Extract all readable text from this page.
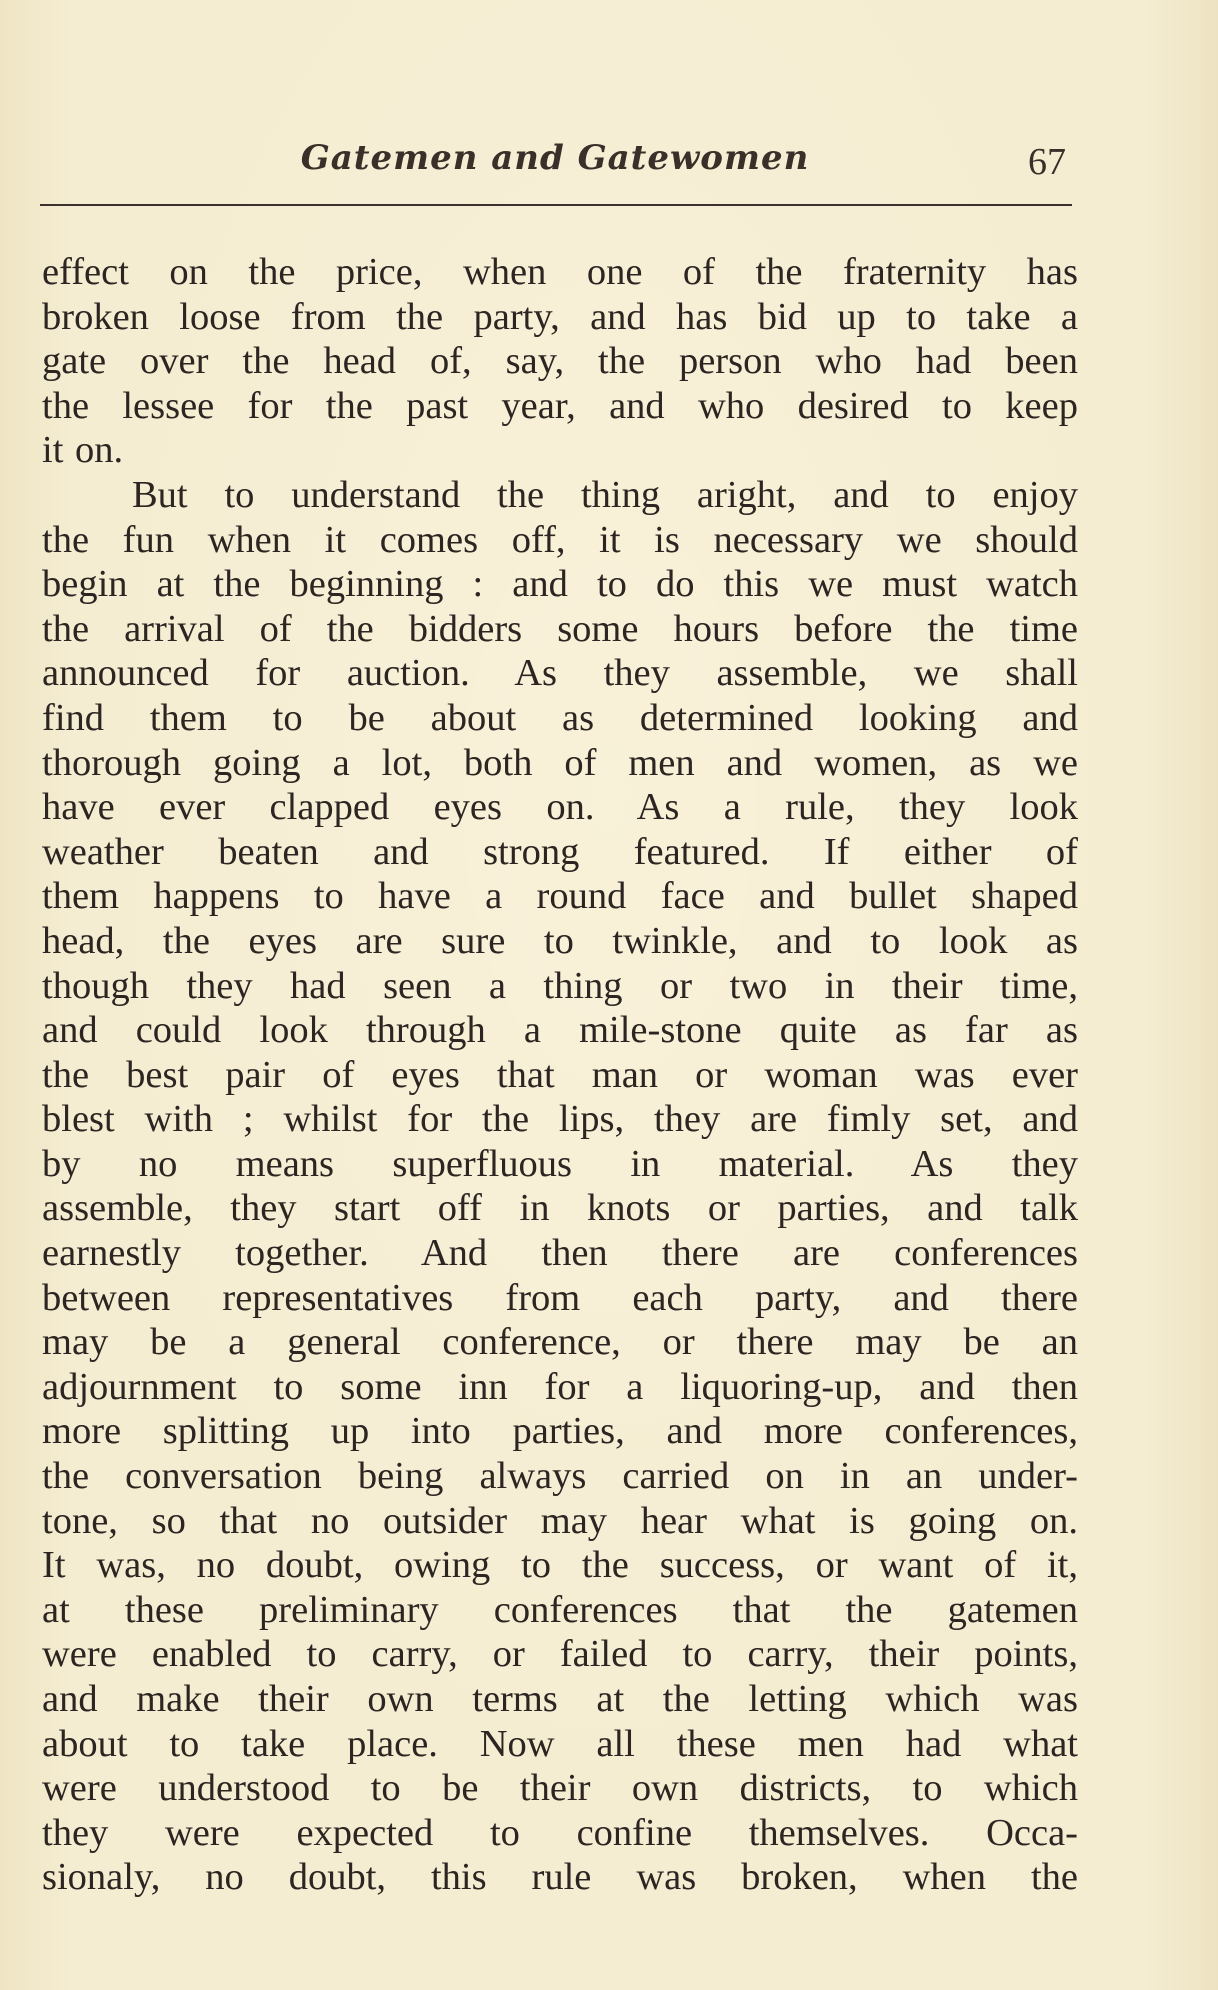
Gatemen and Gatewomen	67
effect on the price, when one of the fraternity has
broken loose from the party, and has bid up to take a
gate over the head of, say, the person who had been
the lessee for the past year, and who desired to keep
it on.
But to understand the thing aright, and to enjoy
the fun when it comes off, it is necessary we should
begin at the beginning : and to do this we must watch
the arrival of the bidders some hours before the time
announced for auction. As they assemble, we shall
find them to be about as determined looking and
thorough going a lot, both of men and women, as we
have ever clapped eyes on. As a rule, they look
weather beaten and strong featured. If either of
them happens to have a round face and bullet shaped
head, the eyes are sure to twinkle, and to look as
though they had seen a thing or two in their time,
and could look through a mile-stone quite as far as
the best pair of eyes that man or woman was ever
blest with ; whilst for the lips, they are fimly set, and
by no means superfluous in material. As they
assemble, they start off in knots or parties, and talk
earnestly together. And then there are conferences
between representatives from each party, and there
may be a general conference, or there may be an
adjournment to some inn for a liquoring-up, and then
more splitting up into parties, and more conferences,
the conversation being always carried on in an under-
tone, so that no outsider may hear what is going on.
It was, no doubt, owing to the success, or want of it,
at these preliminary conferences that the gatemen
were enabled to carry, or failed to carry, their points,
and make their own terms at the letting which was
about to take place. Now all these men had what
were understood to be their own districts, to which
they were expected to confine themselves. Occa-
sionaly, no doubt, this rule was broken, when the
